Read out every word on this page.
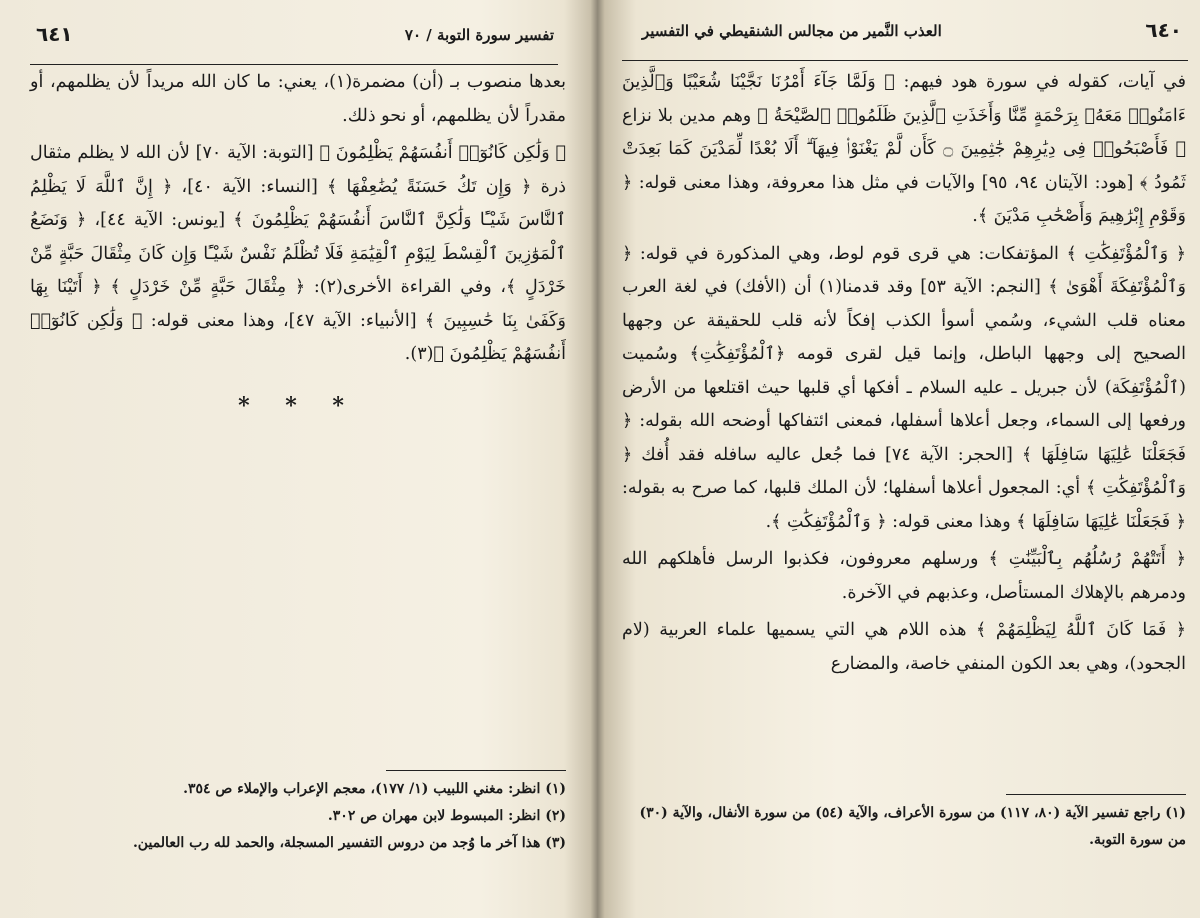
٦٤١	تفسير سورة التوبة / ٧٠

بعدها منصوب بـ (أن) مضمرة(١)، يعني: ما كان الله مريداً لأن يظلمهم، أو مقدراً لأن يظلمهم، أو نحو ذلك.

﴿ وَلَٰكِن كَانُوٓا۟ أَنفُسَهُمْ يَظْلِمُونَ ﴾ [التوبة: الآية ٧٠] لأن الله لا يظلم مثقال ذرة ﴿ وَإِن تَكُ حَسَنَةً يُضَٰعِفْهَا ﴾ [النساء: الآية ٤٠]، ﴿ إِنَّ ٱللَّهَ لَا يَظْلِمُ ٱلنَّاسَ شَيْـًٔا وَلَٰكِنَّ ٱلنَّاسَ أَنفُسَهُمْ يَظْلِمُونَ ﴾ [يونس: الآية ٤٤]، ﴿ وَنَضَعُ ٱلْمَوَٰزِينَ ٱلْقِسْطَ لِيَوْمِ ٱلْقِيَٰمَةِ فَلَا تُظْلَمُ نَفْسٌ شَيْـًٔا وَإِن كَانَ مِثْقَالَ حَبَّةٍ مِّنْ خَرْدَلٍ ﴾، وفي القراءة الأخرى(٢): ﴿ مِثْقَالَ حَبَّةٍ مِّنْ خَرْدَلٍ ﴾ ﴿ أَتَيْنَا بِهَا وَكَفَىٰ بِنَا حَٰسِبِينَ ﴾ [الأنبياء: الآية ٤٧]، وهذا معنى قوله: ﴿ وَلَٰكِن كَانُوٓا۟ أَنفُسَهُمْ يَظْلِمُونَ ﴾(٣).

* * *
(١) انظر: مغني اللبيب (١/ ١٧٧)، معجم الإعراب والإملاء ص ٣٥٤.
(٢) انظر: المبسوط لابن مهران ص ٣٠٢.
(٣) هذا آخر ما وُجد من دروس التفسير المسجلة، والحمد لله رب العالمين.
٦٤٠
العذب النَّمير من مجالس الشنقيطي في التفسير

في آيات، كقوله في سورة هود فيهم: ﴿ وَلَمَّا جَآءَ أَمْرُنَا نَجَّيْنَا شُعَيْبًا وَٱلَّذِينَ ءَامَنُوا۟ مَعَهُۥ بِرَحْمَةٍ مِّنَّا وَأَخَذَتِ ٱلَّذِينَ ظَلَمُوا۟ ٱلصَّيْحَةُ ﴾ وهم مدين بلا نزاع ﴿ فَأَصْبَحُوا۟ فِى دِيَٰرِهِمْ جَٰثِمِينَ ۝ كَأَن لَّمْ يَغْنَوْا۟ فِيهَآ ۗ أَلَا بُعْدًا لِّمَدْيَنَ كَمَا بَعِدَتْ ثَمُودُ ﴾ [هود: الآيتان ٩٤، ٩٥] والآيات في مثل هذا معروفة، وهذا معنى قوله: ﴿ وَقَوْمِ إِبْرَٰهِيمَ وَأَصْحَٰبِ مَدْيَنَ ﴾.

﴿ وَٱلْمُؤْتَفِكَٰتِ ﴾ المؤتفكات: هي قرى قوم لوط، وهي المذكورة في قوله: ﴿ وَٱلْمُؤْتَفِكَةَ أَهْوَىٰ ﴾ [النجم: الآية ٥٣] وقد قدمنا(١) أن (الأفك) في لغة العرب معناه قلب الشيء، وسُمي أسوأ الكذب إفكاً لأنه قلب للحقيقة عن وجهها الصحيح إلى وجهها الباطل، وإنما قيل لقرى قومه ﴿ٱلْمُؤْتَفِكَٰتِ﴾ وسُميت (ٱلْمُؤْتَفِكَة) لأن جبريل ـ عليه السلام ـ أفكها أي قلبها حيث اقتلعها من الأرض ورفعها إلى السماء، وجعل أعلاها أسفلها، فمعنى ائتفاكها أوضحه الله بقوله: ﴿ فَجَعَلْنَا عَٰلِيَهَا سَافِلَهَا ﴾ [الحجر: الآية ٧٤] فما جُعل عاليه سافله فقد أُفك ﴿ وَٱلْمُؤْتَفِكَٰتِ ﴾ أي: المجعول أعلاها أسفلها؛ لأن الملك قلبها، كما صرح به بقوله: ﴿ فَجَعَلْنَا عَٰلِيَهَا سَافِلَهَا ﴾ وهذا معنى قوله: ﴿ وَٱلْمُؤْتَفِكَٰتِ ﴾.

﴿ أَتَتْهُمْ رُسُلُهُم بِٱلْبَيِّنَٰتِ ﴾ ورسلهم معروفون، فكذبوا الرسل فأهلكهم الله ودمرهم بالإهلاك المستأصل، وعذبهم في الآخرة.

﴿ فَمَا كَانَ ٱللَّهُ لِيَظْلِمَهُمْ ﴾ هذه اللام هي التي يسميها علماء العربية (لام الجحود)، وهي بعد الكون المنفي خاصة، والمضارع

(١) راجع تفسير الآية (٨٠، ١١٧) من سورة الأعراف، والآية (٥٤) من سورة الأنفال، والآية (٣٠) من سورة التوبة.
